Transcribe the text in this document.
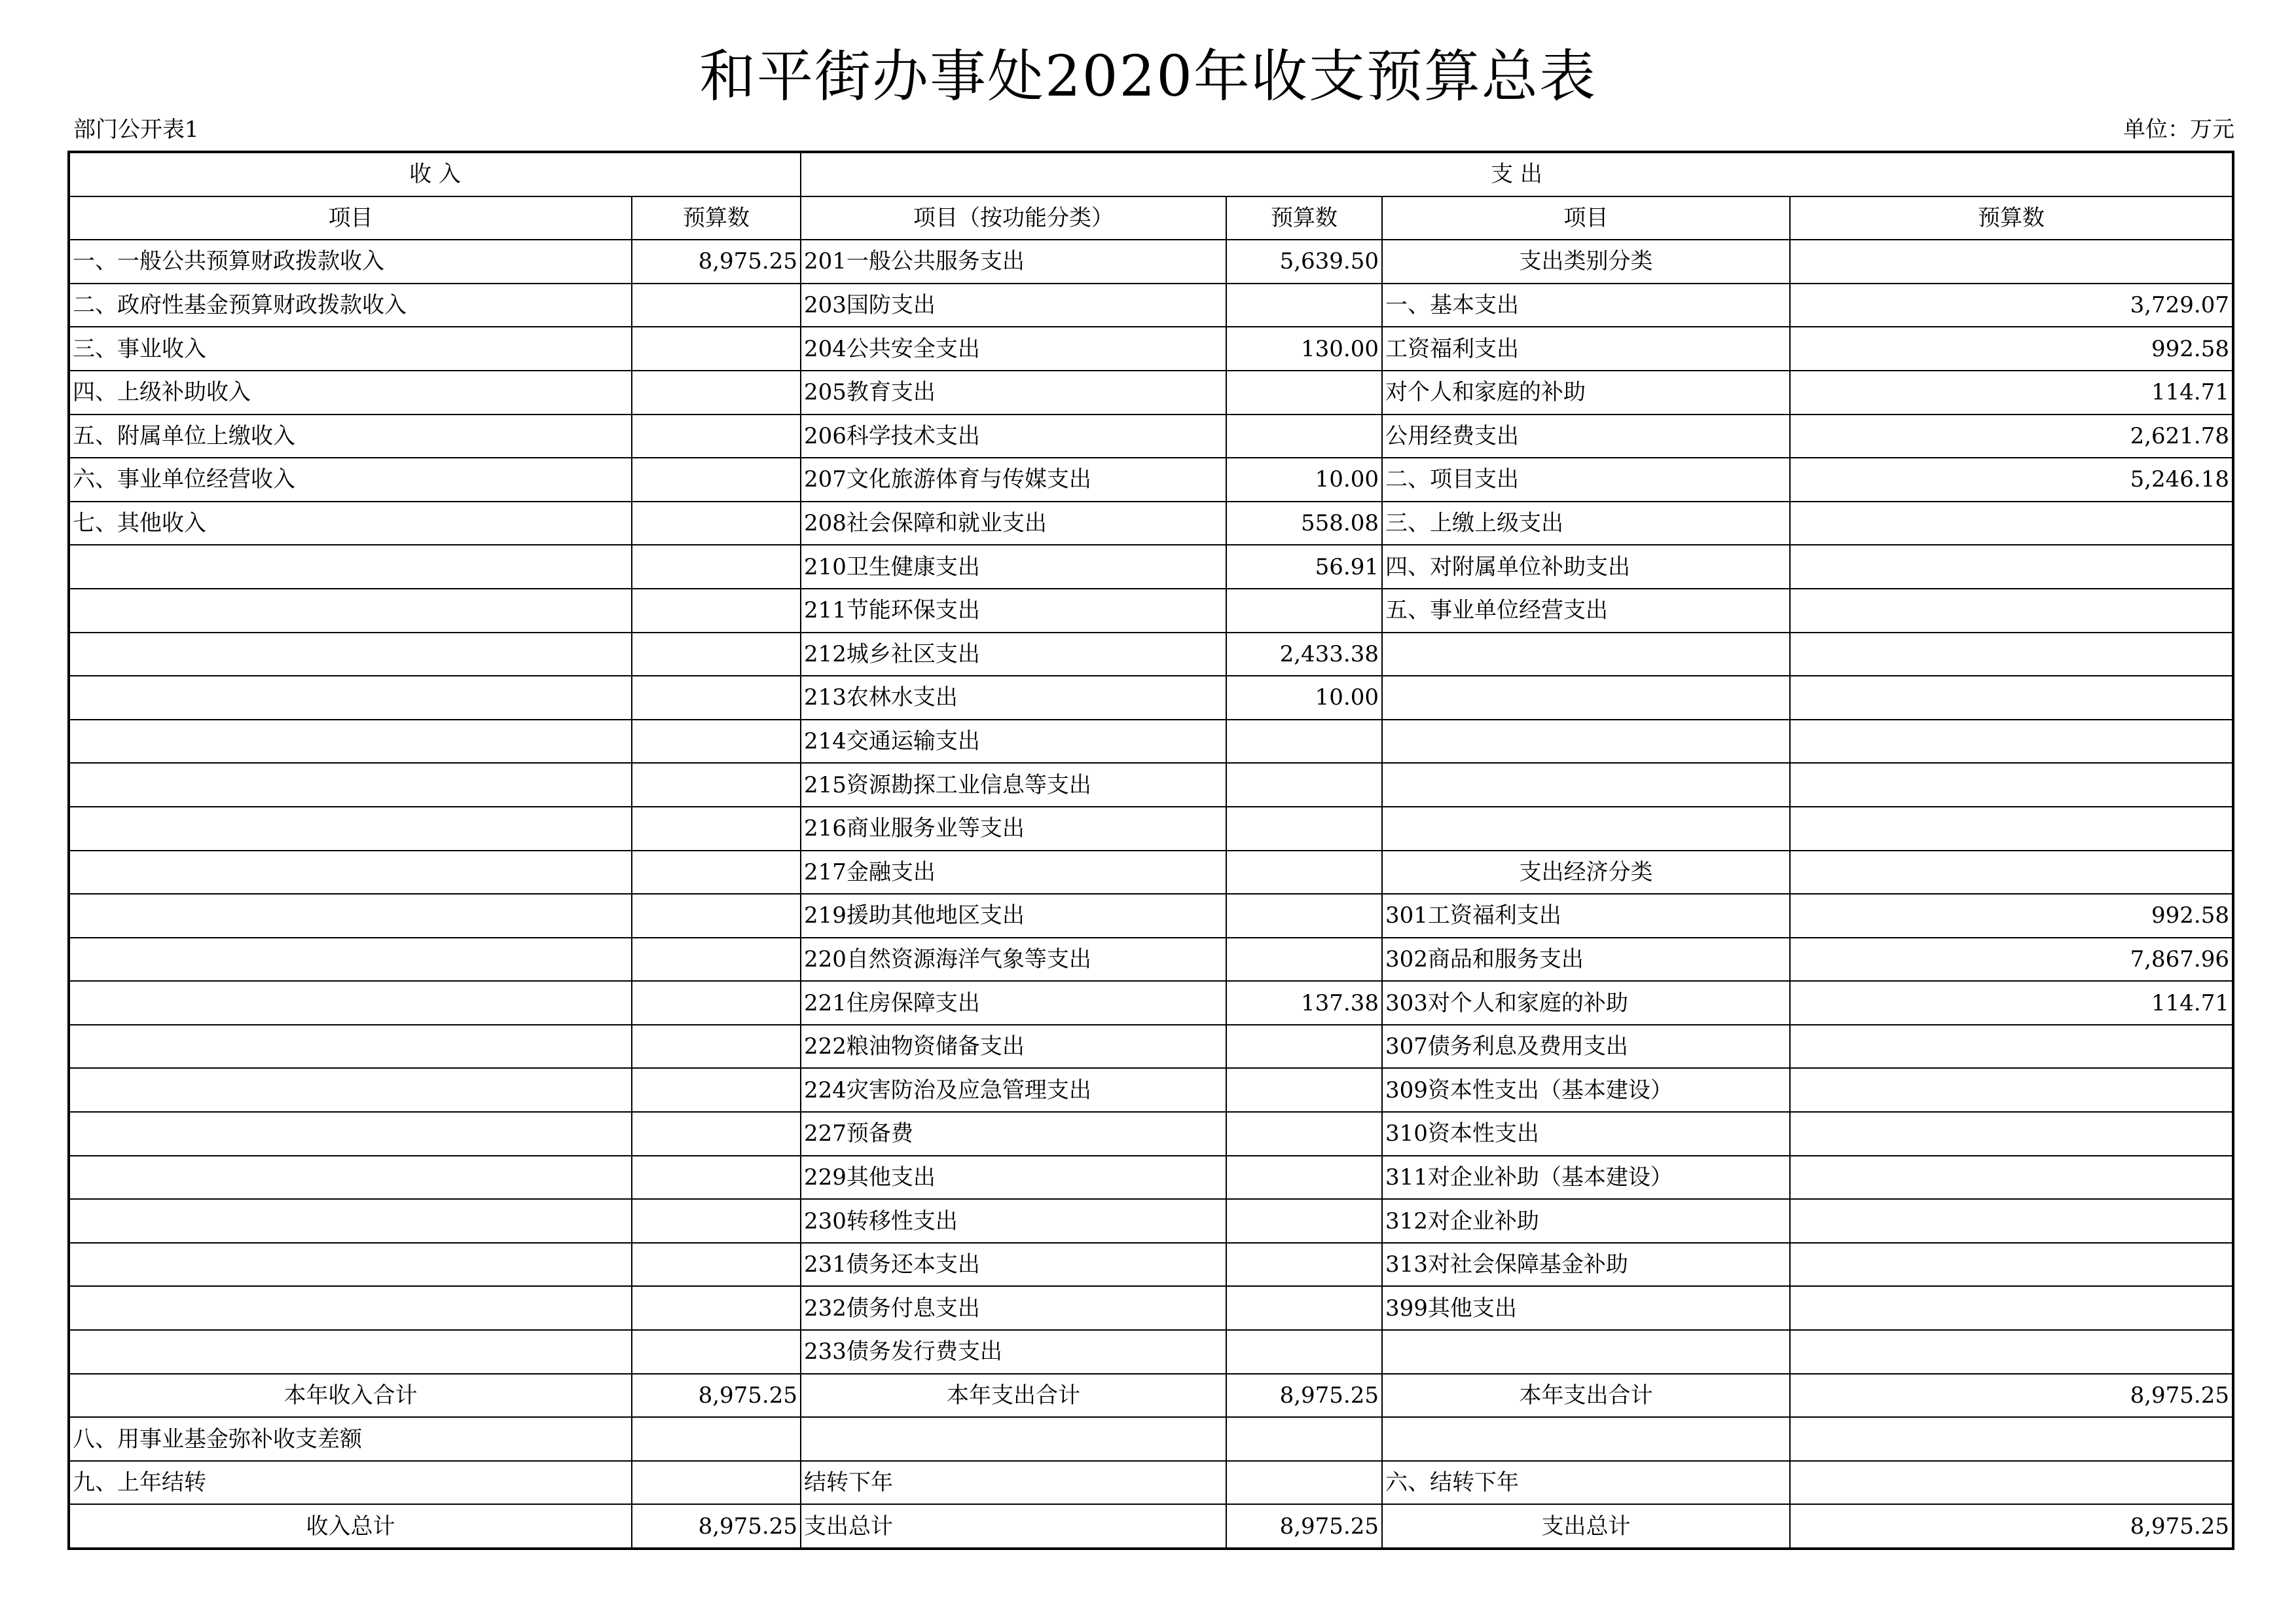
和平街办事处2020年收支预算总表
部门公开表1	单位：万元
收 入		支 出			
项目	预算数	项目（按功能分类）	预算数	项目	预算数
一、一般公共预算财政拨款收入	8,975.25	201一般公共服务支出	5,639.50	支出类别分类	
二、政府性基金预算财政拨款收入		203国防支出		一、基本支出	3,729.07
三、事业收入		204公共安全支出	130.00	工资福利支出	992.58
四、上级补助收入		205教育支出		对个人和家庭的补助	114.71
五、附属单位上缴收入		206科学技术支出		公用经费支出	2,621.78
六、事业单位经营收入		207文化旅游体育与传媒支出	10.00	二、项目支出	5,246.18
七、其他收入		208社会保障和就业支出	558.08	三、上缴上级支出	
		210卫生健康支出	56.91	四、对附属单位补助支出	
		211节能环保支出		五、事业单位经营支出	
		212城乡社区支出	2,433.38		
		213农林水支出	10.00		
		214交通运输支出			
		215资源勘探工业信息等支出			
		216商业服务业等支出			
		217金融支出		支出经济分类	
		219援助其他地区支出		301工资福利支出	992.58
		220自然资源海洋气象等支出		302商品和服务支出	7,867.96
		221住房保障支出	137.38	303对个人和家庭的补助	114.71
		222粮油物资储备支出		307债务利息及费用支出	
		224灾害防治及应急管理支出		309资本性支出（基本建设）	
		227预备费		310资本性支出	
		229其他支出		311对企业补助（基本建设）	
		230转移性支出		312对企业补助	
		231债务还本支出		313对社会保障基金补助	
		232债务付息支出		399其他支出	
		233债务发行费支出			
本年收入合计	8,975.25	本年支出合计	8,975.25	本年支出合计	8,975.25
八、用事业基金弥补收支差额					
九、上年结转		结转下年		六、结转下年	
收入总计	8,975.25	支出总计	8,975.25	支出总计	8,975.25
